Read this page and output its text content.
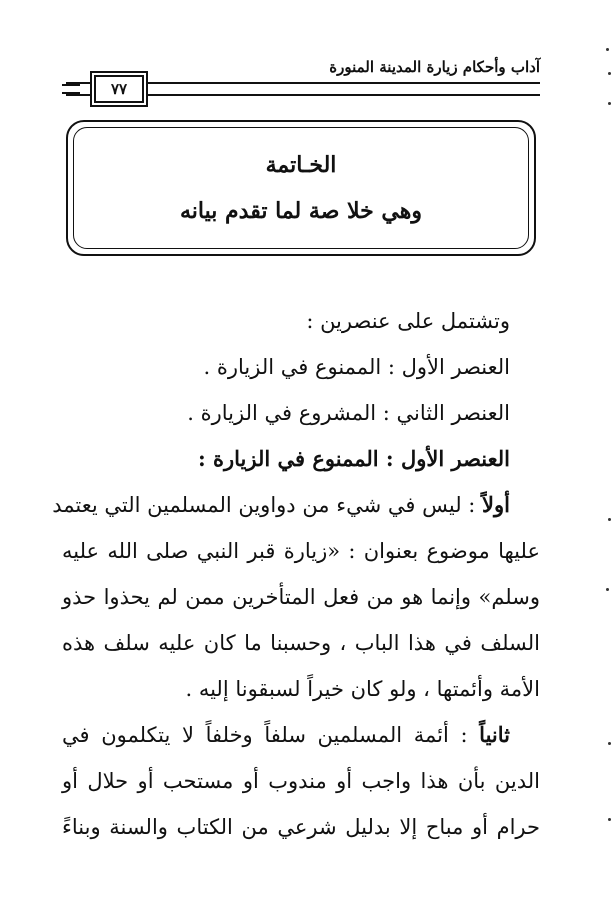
آداب وأحكام زيارة المدينة المنورة
٧٧
الخـاتمة
وهي خلا صة لما تقدم بيانه
وتشتمل على عنصرين :
العنصر الأول : الممنوع في الزيارة .
العنصر الثاني : المشروع في الزيارة .
العنصر الأول : الممنوع في الزيارة :
أولاً : ليس في شيء من دواوين المسلمين التي يعتمد
عليها موضوع بعنوان : «زيارة قبر النبي صلى الله عليه
وسلم» وإنما هو من فعل المتأخرين ممن لم يحذوا حذو
السلف في هذا الباب ، وحسبنا ما كان عليه سلف هذه
الأمة وأئمتها ، ولو كان خيراً لسبقونا إليه .
ثانياً : أئمة المسلمين سلفاً وخلفاً لا يتكلمون في
الدين بأن هذا واجب أو مندوب أو مستحب أو حلال أو
حرام أو مباح إلا بدليل شرعي من الكتاب والسنة وبناءً
